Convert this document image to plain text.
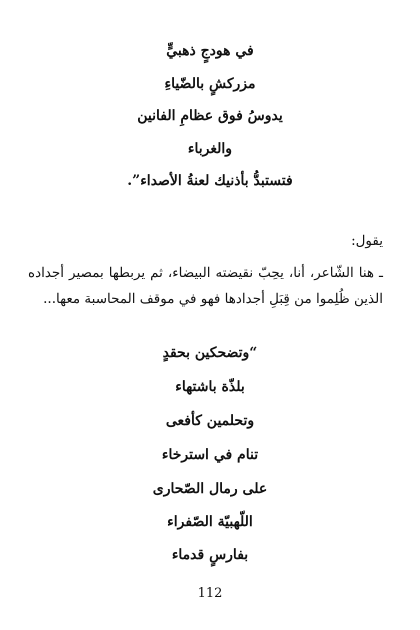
في هودجٍ ذهبيٍّ
مزركشٍ بالضّياءِ
يدوسُ فوق عظامِ الفانين
والغرباء
فتستبدُّ بأذنيك لعنةُ الأصداء”.
يقول:
ـ هنا الشّاعر، أنا، يحِبّ نقيضته البيضاء، ثم يربطها بمصير أجداده
الذين ظُلِموا من قِبَلِ أجدادها فهو في موقف المحاسبة معها...
“وتضحكين بحقدٍ
بلذّة باشتهاء
وتحلمين كأفعى
تنام في استرخاء
على رمال الصّحارى
اللّهبيّة الصّفراء
بفارسٍ قدماء
112
